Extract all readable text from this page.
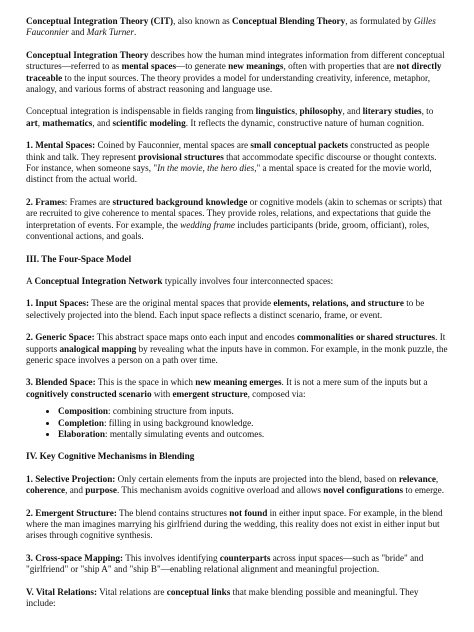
Conceptual Integration Theory (CIT), also known as Conceptual Blending Theory, as formulated by Gilles Fauconnier and Mark Turner.

Conceptual Integration Theory describes how the human mind integrates information from different conceptual structures—referred to as mental spaces—to generate new meanings, often with properties that are not directly traceable to the input sources. The theory provides a model for understanding creativity, inference, metaphor, analogy, and various forms of abstract reasoning and language use.

Conceptual integration is indispensable in fields ranging from linguistics, philosophy, and literary studies, to art, mathematics, and scientific modeling. It reflects the dynamic, constructive nature of human cognition.

1. Mental Spaces: Coined by Fauconnier, mental spaces are small conceptual packets constructed as people think and talk. They represent provisional structures that accommodate specific discourse or thought contexts. For instance, when someone says, "In the movie, the hero dies," a mental space is created for the movie world, distinct from the actual world.

2. Frames: Frames are structured background knowledge or cognitive models (akin to schemas or scripts) that are recruited to give coherence to mental spaces. They provide roles, relations, and expectations that guide the interpretation of events. For example, the wedding frame includes participants (bride, groom, officiant), roles, conventional actions, and goals.

III. The Four-Space Model

A Conceptual Integration Network typically involves four interconnected spaces:

1. Input Spaces: These are the original mental spaces that provide elements, relations, and structure to be selectively projected into the blend. Each input space reflects a distinct scenario, frame, or event.

2. Generic Space: This abstract space maps onto each input and encodes commonalities or shared structures. It supports analogical mapping by revealing what the inputs have in common. For example, in the monk puzzle, the generic space involves a person on a path over time.

3. Blended Space: This is the space in which new meaning emerges. It is not a mere sum of the inputs but a cognitively constructed scenario with emergent structure, composed via:

• Composition: combining structure from inputs.
• Completion: filling in using background knowledge.
• Elaboration: mentally simulating events and outcomes.
IV. Key Cognitive Mechanisms in Blending

1. Selective Projection: Only certain elements from the inputs are projected into the blend, based on relevance, coherence, and purpose. This mechanism avoids cognitive overload and allows novel configurations to emerge.

2. Emergent Structure: The blend contains structures not found in either input space. For example, in the blend where the man imagines marrying his girlfriend during the wedding, this reality does not exist in either input but arises through cognitive synthesis.

3. Cross-space Mapping: This involves identifying counterparts across input spaces—such as "bride" and "girlfriend" or "ship A" and "ship B"—enabling relational alignment and meaningful projection.

V. Vital Relations: Vital relations are conceptual links that make blending possible and meaningful. They include:
